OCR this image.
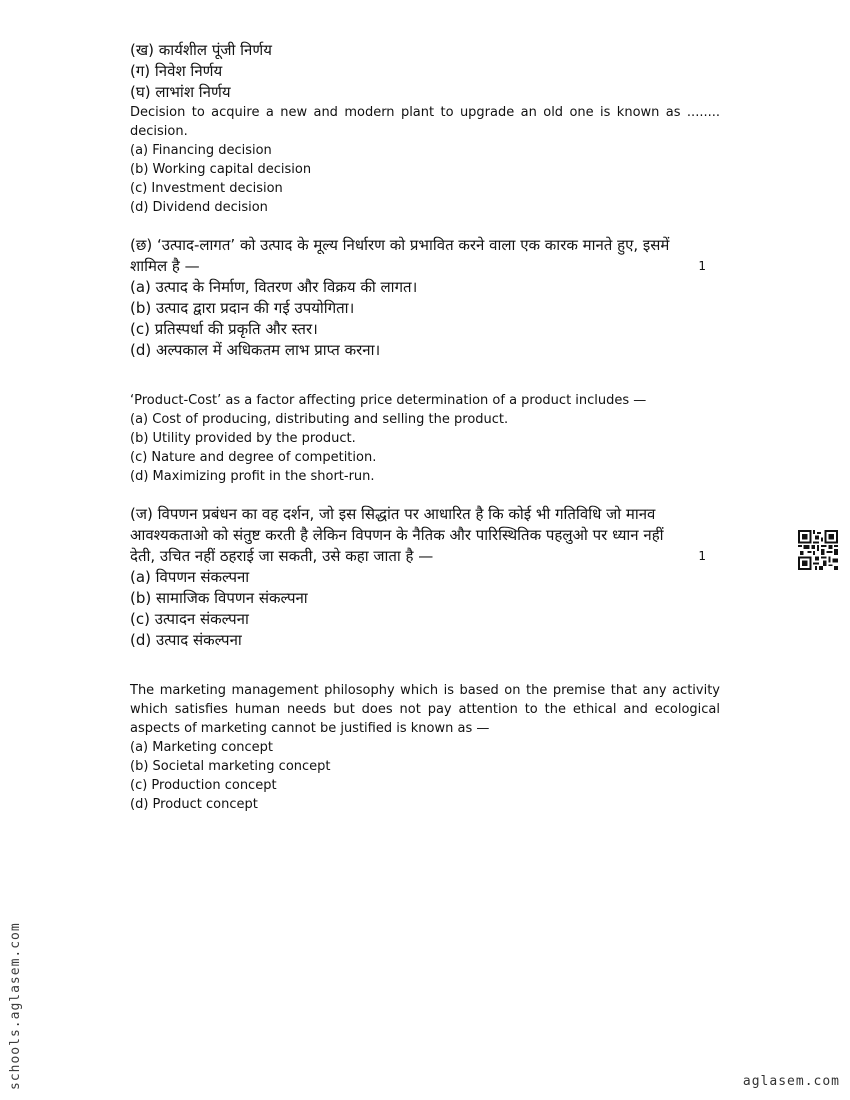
(ख) कार्यशील पूंजी निर्णय
(ग) निवेश निर्णय
(घ) लाभांश निर्णय
Decision to acquire a new and modern plant to upgrade an old one is known as ........ decision.
(a) Financing decision
(b) Working capital decision
(c) Investment decision
(d) Dividend decision
(छ) ‘उत्पाद-लागत’ को उत्पाद के मूल्य निर्धारण को प्रभावित करने वाला एक कारक मानते हुए, इसमें
शामिल है —	1
(a) उत्पाद के निर्माण, वितरण और विक्रय की लागत।
(b) उत्पाद द्वारा प्रदान की गई उपयोगिता।
(c) प्रतिस्पर्धा की प्रकृति और स्तर।
(d) अल्पकाल में अधिकतम लाभ प्राप्त करना।
‘Product-Cost’ as a factor affecting price determination of a product includes —
(a) Cost of producing, distributing and selling the product.
(b) Utility provided by the product.
(c) Nature and degree of competition.
(d) Maximizing profit in the short-run.
(ज) विपणन प्रबंधन का वह दर्शन, जो इस सिद्धांत पर आधारित है कि कोई भी गतिविधि जो मानव
आवश्यकताओ को संतुष्ट करती है लेकिन विपणन के नैतिक और पारिस्थितिक पहलुओ पर ध्यान नहीं
देती, उचित नहीं ठहराई जा सकती, उसे कहा जाता है —	1
(a) विपणन संकल्पना
(b) सामाजिक विपणन संकल्पना
(c) उत्पादन संकल्पना
(d) उत्पाद संकल्पना
The marketing management philosophy which is based on the premise that any activity which satisfies human needs but does not pay attention to the ethical and ecological aspects of marketing cannot be justified is known as —
(a) Marketing concept
(b) Societal marketing concept
(c) Production concept
(d) Product concept
schools.aglasem.com	aglasem.com
